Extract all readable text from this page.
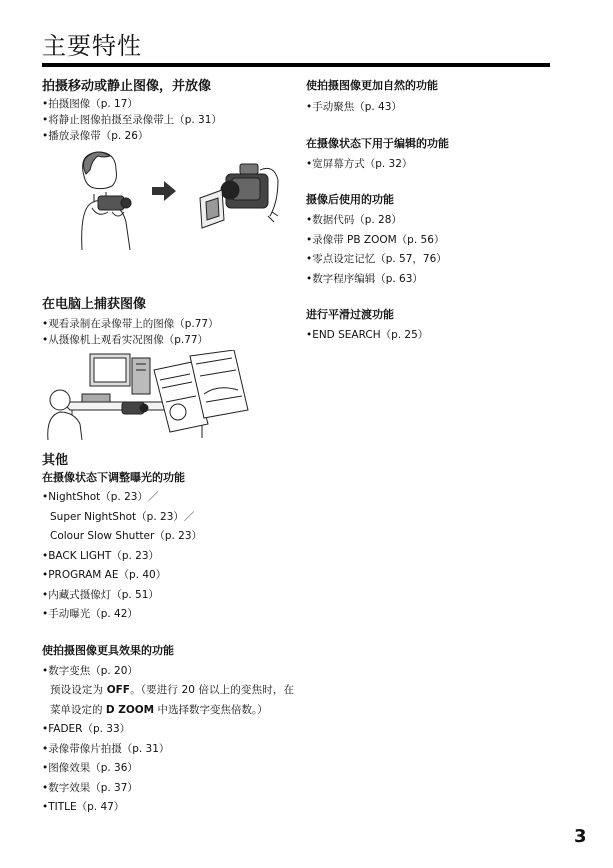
主要特性
拍摄移动或静止图像，并放像

•拍摄图像（p. 17）

•将静止图像拍摄至录像带上（p. 31）

•播放录像带（p. 26）

在电脑上捕获图像

•观看录制在录像带上的图像（p.77）

•从摄像机上观看实况图像（p.77）

其他
在摄像状态下调整曝光的功能

•NightShot（p. 23）／

Super NightShot（p. 23）／

Colour Slow Shutter（p. 23）

•BACK LIGHT（p. 23）

•PROGRAM AE（p. 40）

•内藏式摄像灯（p. 51）

•手动曝光（p. 42）

使拍摄图像更具效果的功能

•数字变焦（p. 20）

预设设定为 OFF。（要进行 20 倍以上的变焦时，在菜单设定的 D ZOOM 中选择数字变焦倍数。）

•FADER（p. 33）

•录像带像片拍摄（p. 31）

•图像效果（p. 36）

•数字效果（p. 37）

•TITLE（p. 47）

使拍摄图像更加自然的功能

•手动聚焦（p. 43）

在摄像状态下用于编辑的功能

•宽屏幕方式（p. 32）

摄像后使用的功能

•数据代码（p. 28）

•录像带 PB ZOOM（p. 56）

•零点设定记忆（p. 57，76）

•数字程序编辑（p. 63）

进行平滑过渡功能

•END SEARCH（p. 25）

3
